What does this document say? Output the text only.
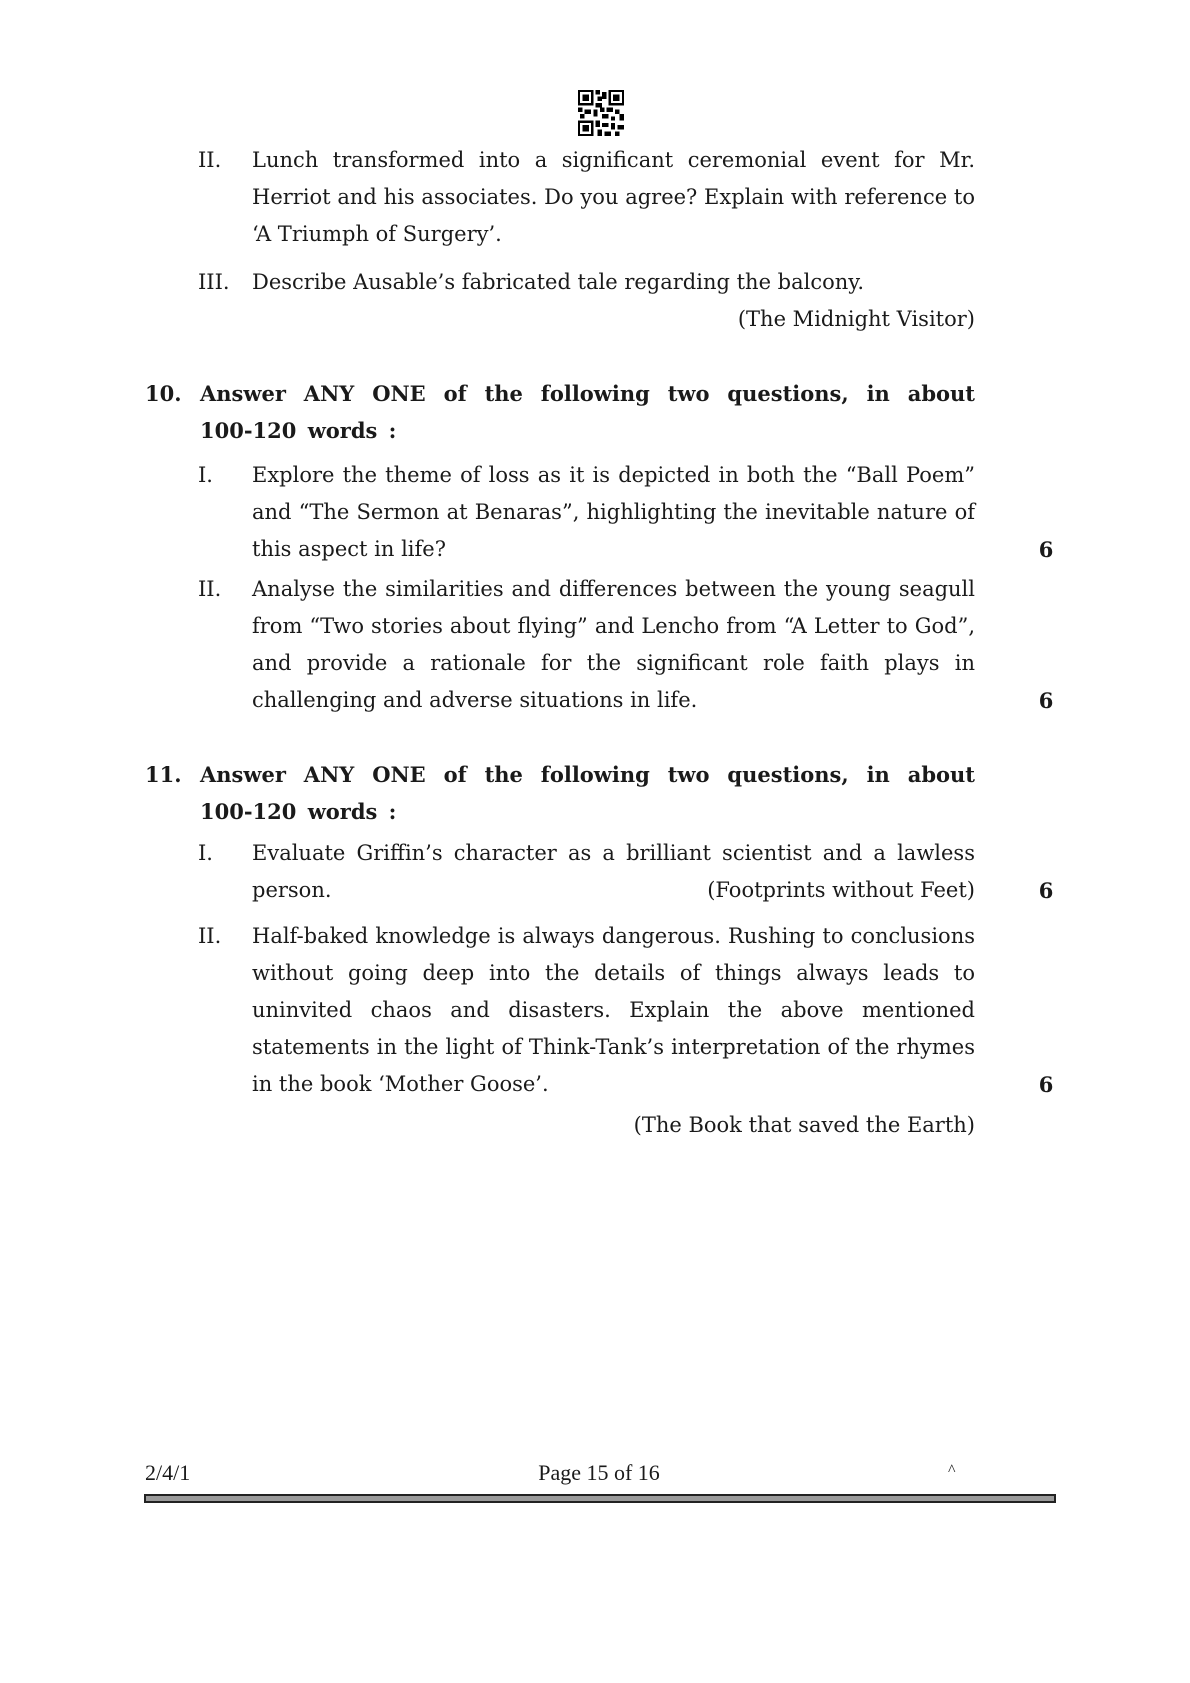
II. Lunch transformed into a significant ceremonial event for Mr. Herriot and his associates. Do you agree? Explain with reference to ‘A Triumph of Surgery’.
III. Describe Ausable’s fabricated tale regarding the balcony.
(The Midnight Visitor)
10. Answer ANY ONE of the following two questions, in about 100-120 words :
I. Explore the theme of loss as it is depicted in both the “Ball Poem” and “The Sermon at Benaras”, highlighting the inevitable nature of this aspect in life?	6
II. Analyse the similarities and differences between the young seagull from “Two stories about flying” and Lencho from “A Letter to God”, and provide a rationale for the significant role faith plays in challenging and adverse situations in life.	6
11. Answer ANY ONE of the following two questions, in about 100-120 words :
I. Evaluate Griffin’s character as a brilliant scientist and a lawless person.	(Footprints without Feet)	6
II. Half-baked knowledge is always dangerous. Rushing to conclusions without going deep into the details of things always leads to uninvited chaos and disasters. Explain the above mentioned statements in the light of Think-Tank’s interpretation of the rhymes in the book ‘Mother Goose’.	6
(The Book that saved the Earth)
2/4/1	Page 15 of 16	^
